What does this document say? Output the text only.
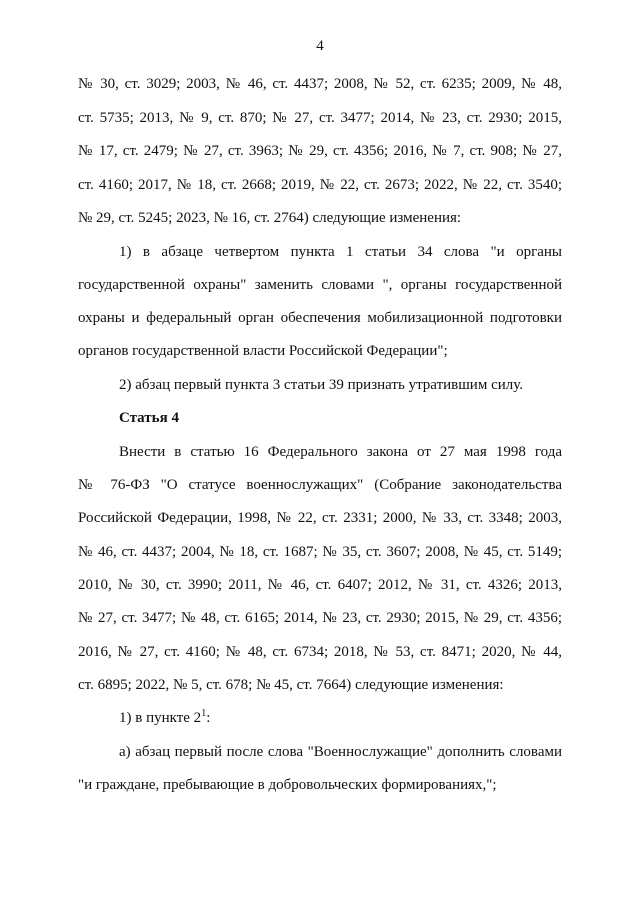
4
№ 30, ст. 3029; 2003, № 46, ст. 4437; 2008, № 52, ст. 6235; 2009, № 48,
ст. 5735; 2013, № 9, ст. 870; № 27, ст. 3477; 2014, № 23, ст. 2930; 2015,
№ 17, ст. 2479; № 27, ст. 3963; № 29, ст. 4356; 2016, № 7, ст. 908; № 27,
ст. 4160; 2017, № 18, ст. 2668; 2019, № 22, ст. 2673; 2022, № 22, ст. 3540;
№ 29, ст. 5245; 2023, № 16, ст. 2764) следующие изменения:
1) в абзаце четвертом пункта 1 статьи 34 слова "и органы
государственной охраны" заменить словами ", органы государственной
охраны и федеральный орган обеспечения мобилизационной подготовки
органов государственной власти Российской Федерации";
2) абзац первый пункта 3 статьи 39 признать утратившим силу.
Статья 4
Внести в статью 16 Федерального закона от 27 мая 1998 года
№ 76-ФЗ "О статусе военнослужащих" (Собрание законодательства
Российской Федерации, 1998, № 22, ст. 2331; 2000, № 33, ст. 3348; 2003,
№ 46, ст. 4437; 2004, № 18, ст. 1687; № 35, ст. 3607; 2008, № 45, ст. 5149;
2010, № 30, ст. 3990; 2011, № 46, ст. 6407; 2012, № 31, ст. 4326; 2013,
№ 27, ст. 3477; № 48, ст. 6165; 2014, № 23, ст. 2930; 2015, № 29, ст. 4356;
2016, № 27, ст. 4160; № 48, ст. 6734; 2018, № 53, ст. 8471; 2020, № 44,
ст. 6895; 2022, № 5, ст. 678; № 45, ст. 7664) следующие изменения:
1) в пункте $2^1$:
а) абзац первый после слова "Военнослужащие" дополнить словами
"и граждане, пребывающие в добровольческих формированиях,";
